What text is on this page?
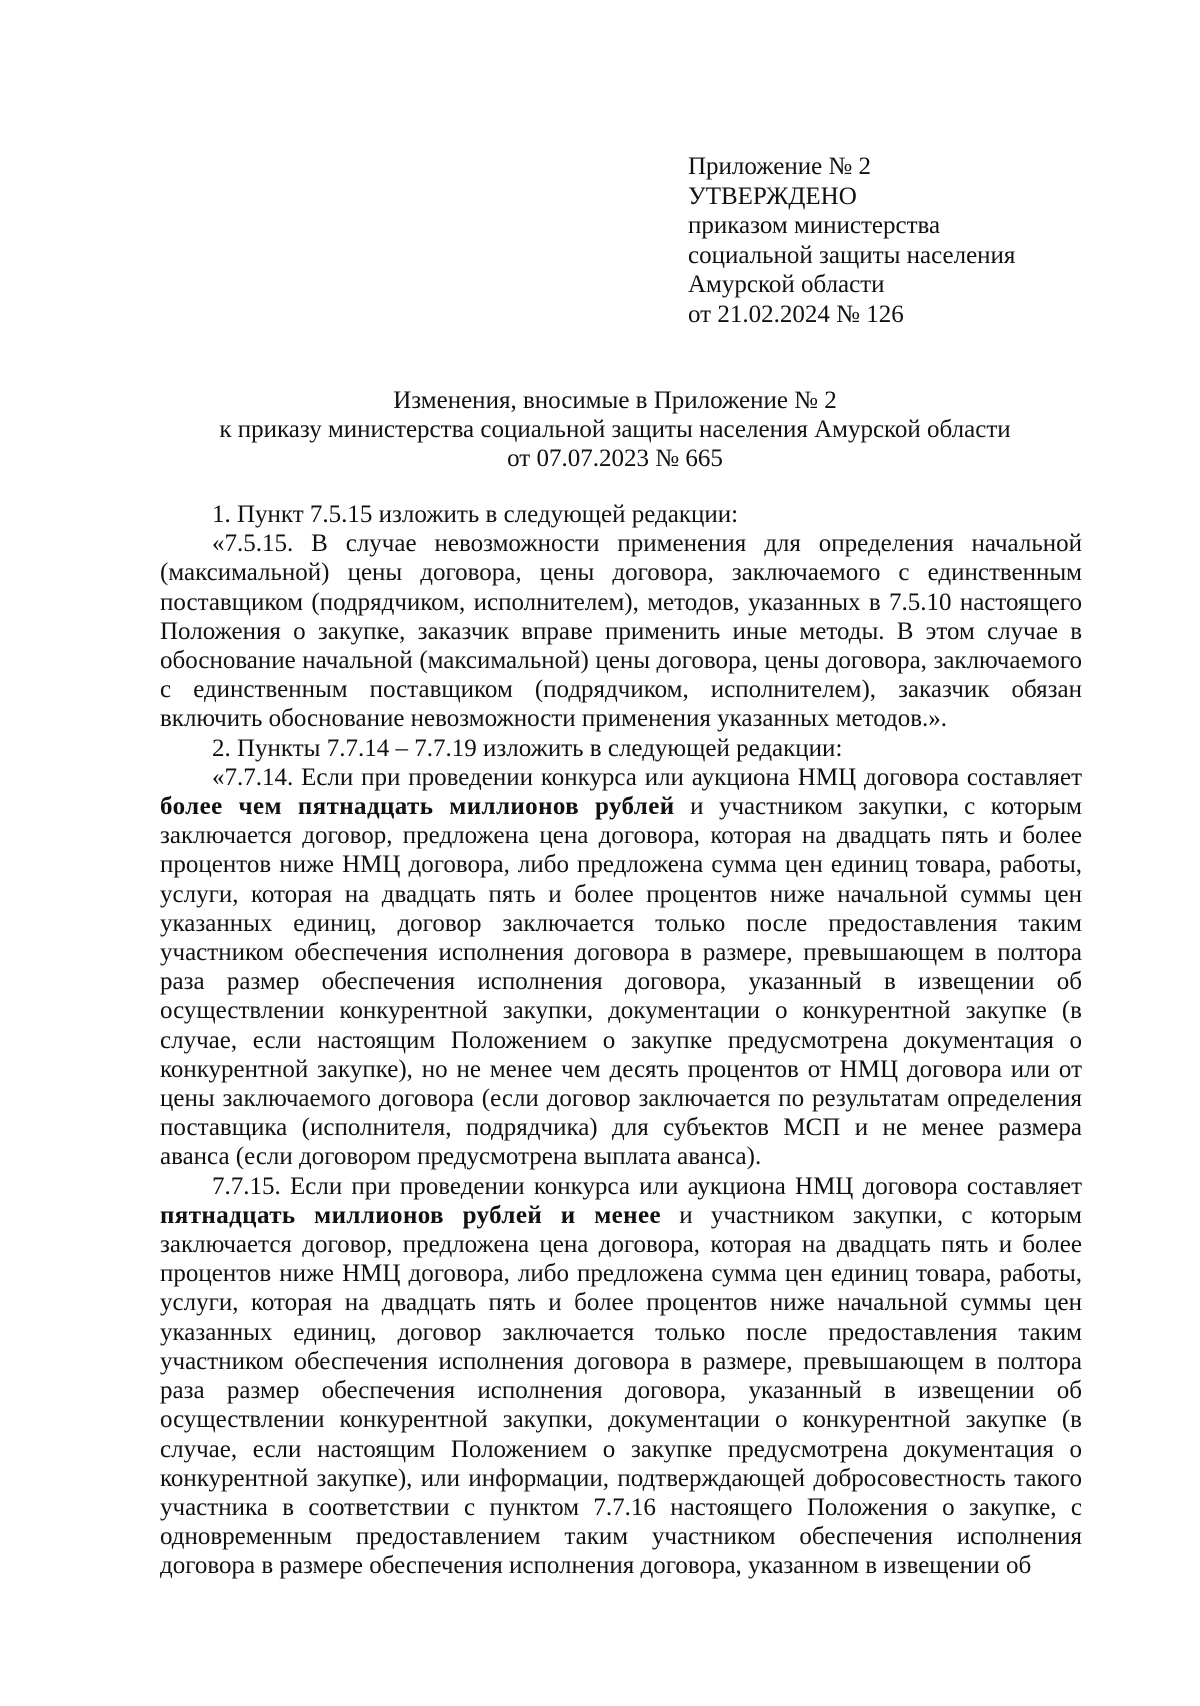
Приложение № 2
УТВЕРЖДЕНО
приказом министерства
социальной защиты населения
Амурской области
от 21.02.2024 № 126
Изменения, вносимые в Приложение № 2
к приказу министерства социальной защиты населения Амурской области
от 07.07.2023 № 665

1. Пункт 7.5.15 изложить в следующей редакции:

«7.5.15. В случае невозможности применения для определения начальной (максимальной) цены договора, цены договора, заключаемого с единственным поставщиком (подрядчиком, исполнителем), методов, указанных в 7.5.10 настоящего Положения о закупке, заказчик вправе применить иные методы. В этом случае в обоснование начальной (максимальной) цены договора, цены договора, заключаемого с единственным поставщиком (подрядчиком, исполнителем), заказчик обязан включить обоснование невозможности применения указанных методов.».

2. Пункты 7.7.14 – 7.7.19 изложить в следующей редакции:

«7.7.14. Если при проведении конкурса или аукциона НМЦ договора составляет более чем пятнадцать миллионов рублей и участником закупки, с которым заключается договор, предложена цена договора, которая на двадцать пять и более процентов ниже НМЦ договора, либо предложена сумма цен единиц товара, работы, услуги, которая на двадцать пять и более процентов ниже начальной суммы цен указанных единиц, договор заключается только после предоставления таким участником обеспечения исполнения договора в размере, превышающем в полтора раза размер обеспечения исполнения договора, указанный в извещении об осуществлении конкурентной закупки, документации о конкурентной закупке (в случае, если настоящим Положением о закупке предусмотрена документация о конкурентной закупке), но не менее чем десять процентов от НМЦ договора или от цены заключаемого договора (если договор заключается по результатам определения поставщика (исполнителя, подрядчика) для субъектов МСП и не менее размера аванса (если договором предусмотрена выплата аванса).

7.7.15. Если при проведении конкурса или аукциона НМЦ договора составляет пятнадцать миллионов рублей и менее и участником закупки, с которым заключается договор, предложена цена договора, которая на двадцать пять и более процентов ниже НМЦ договора, либо предложена сумма цен единиц товара, работы, услуги, которая на двадцать пять и более процентов ниже начальной суммы цен указанных единиц, договор заключается только после предоставления таким участником обеспечения исполнения договора в размере, превышающем в полтора раза размер обеспечения исполнения договора, указанный в извещении об осуществлении конкурентной закупки, документации о конкурентной закупке (в случае, если настоящим Положением о закупке предусмотрена документация о конкурентной закупке), или информации, подтверждающей добросовестность такого участника в соответствии с пунктом 7.7.16 настоящего Положения о закупке, с одновременным предоставлением таким участником обеспечения исполнения договора в размере обеспечения исполнения договора, указанном в извещении об
